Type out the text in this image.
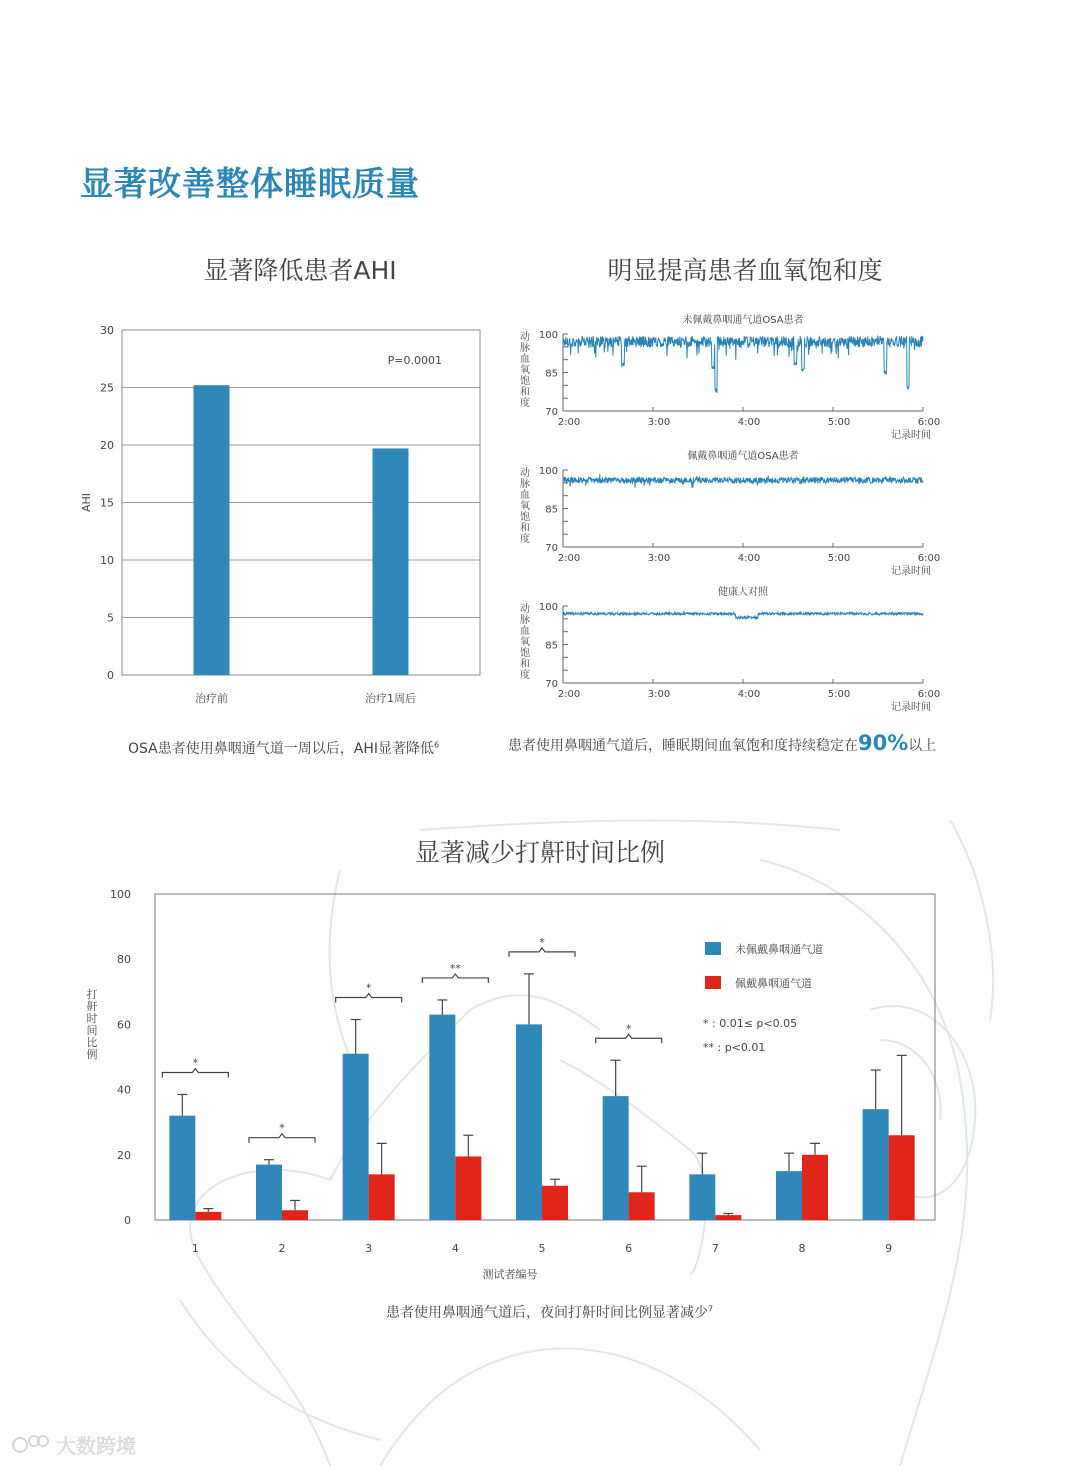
显著改善整体睡眠质量
显著降低患者AHI	明显提高患者血氧饱和度
显著减少打鼾时间比例
0
5
10
15
20
25
30
治疗前	治疗1周后
P=0.0001
AHI
未佩戴鼻咽通气道OSA患者
70
85
100
2:00	3:00	4:00	5:00	6:00
记录时间
动脉血氧饱和度
佩戴鼻咽通气道OSA患者
70
85
100
2:00	3:00	4:00	5:00	6:00
记录时间
动脉血氧饱和度
健康人对照
70
85
100
2:00	3:00	4:00	5:00	6:00
记录时间
动脉血氧饱和度
OSA患者使用鼻咽通气道一周以后，AHI显著降低$^6$	患者使用鼻咽通气道后，睡眠期间血氧饱和度持续稳定在90%以上
0
20
40
60
80
100
1	2	3	4	5	6	7	8	9
*
*
*
**
*
*
未佩戴鼻咽通气道
佩戴鼻咽通气道
* : 0.01≤ p<0.05
** : p<0.01
测试者编号
打鼾时间比例
患者使用鼻咽通气道后，夜间打鼾时间比例显著减少$^7$
大数跨境
